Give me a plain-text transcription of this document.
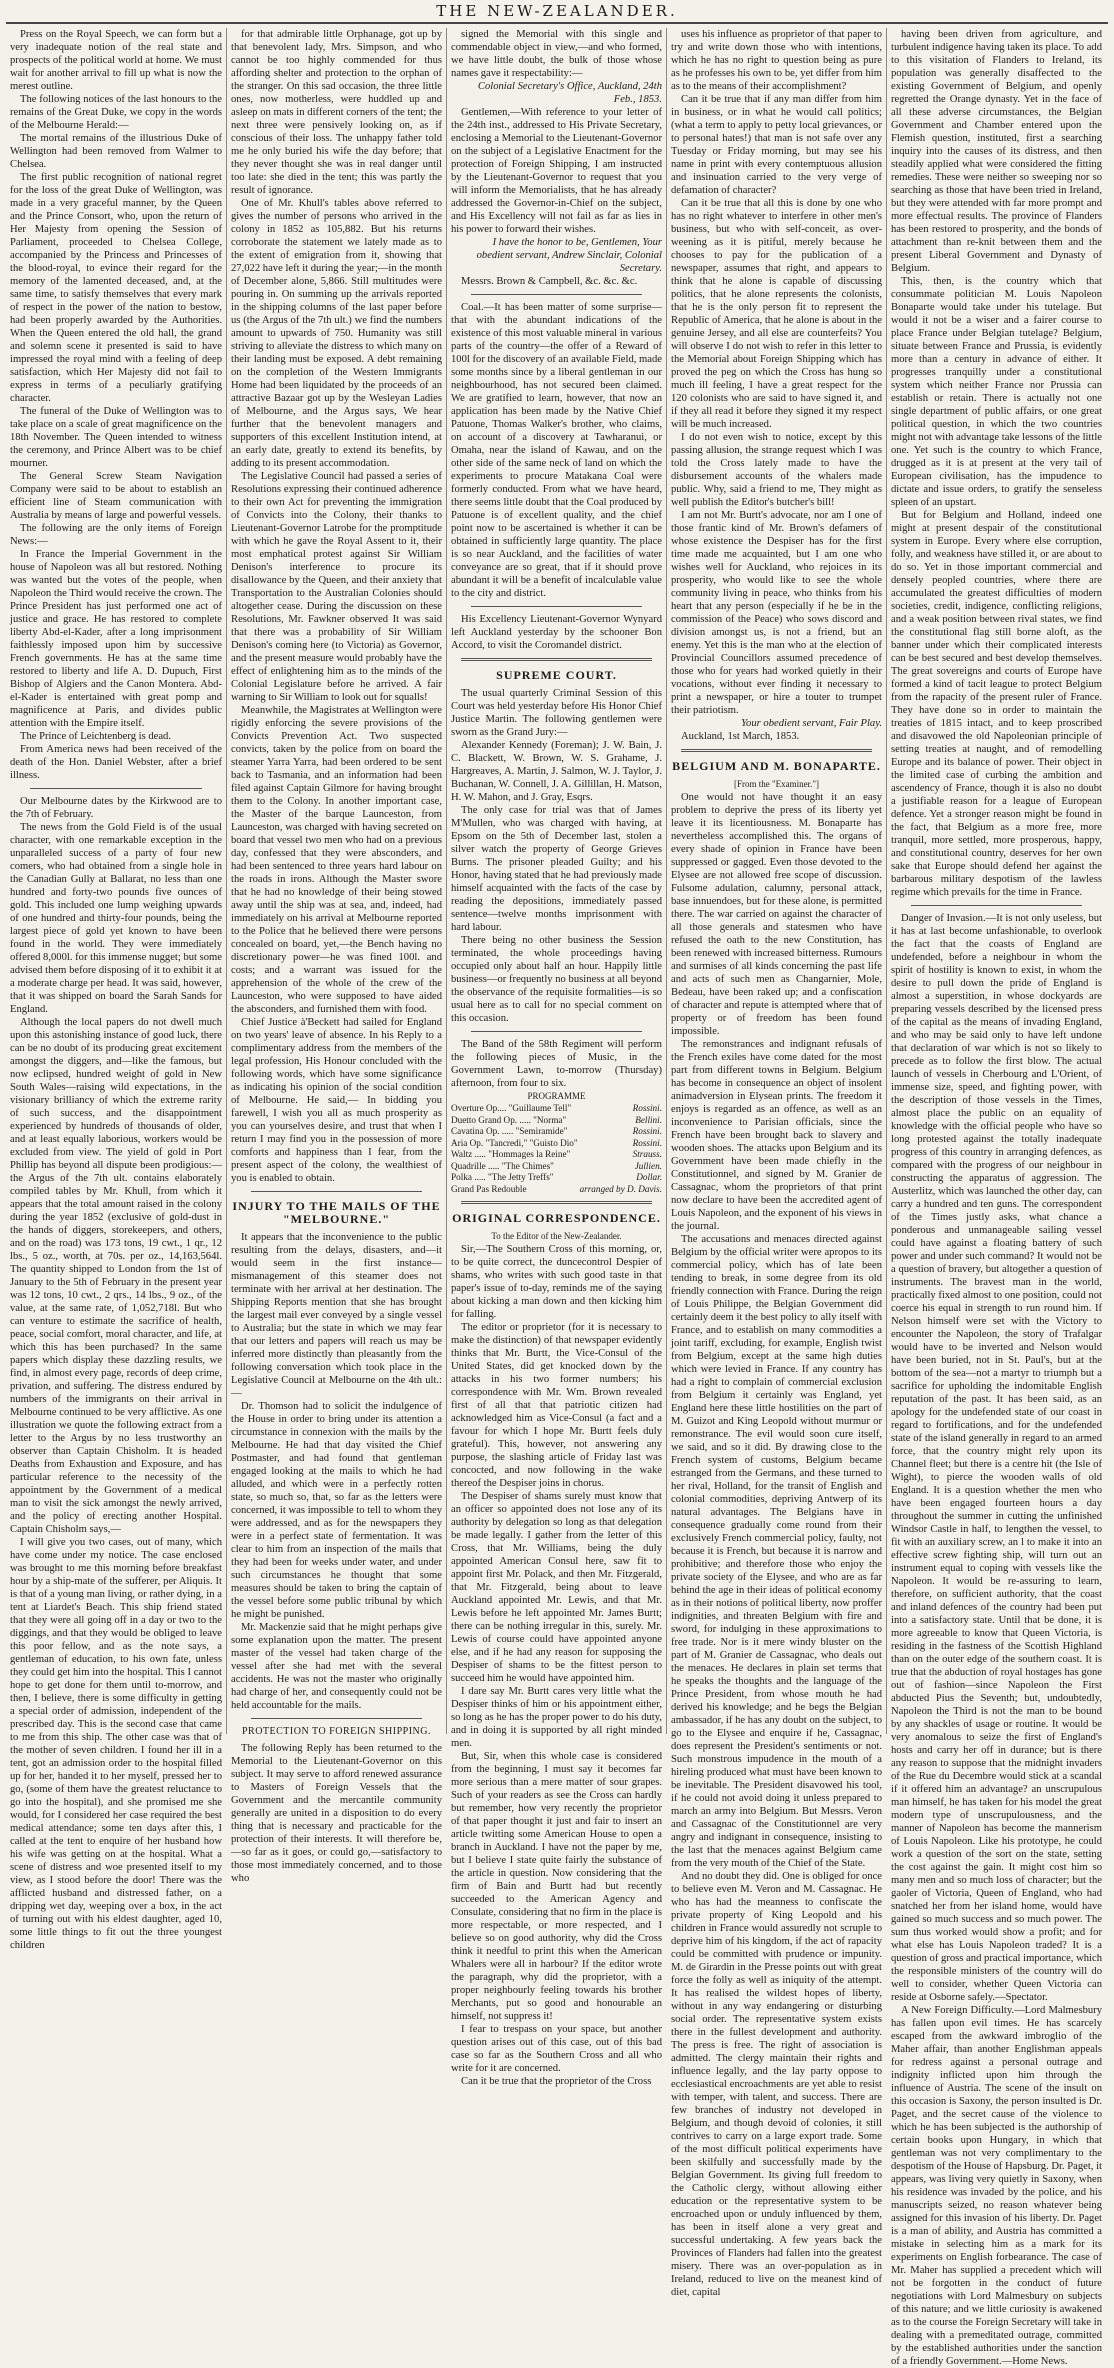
THE NEW-ZEALANDER.

Press on the Royal Speech, we can form but a very inadequate notion of the real state and prospects of the political world at home. We must wait for another arrival to fill up what is now the merest outline.

The following notices of the last honours to the remains of the Great Duke, we copy in the words of the Melbourne Herald:—

The mortal remains of the illustrious Duke of Wellington had been removed from Walmer to Chelsea.

The first public recognition of national regret for the loss of the great Duke of Wellington, was made in a very graceful manner, by the Queen and the Prince Consort, who, upon the return of Her Majesty from opening the Session of Parliament, proceeded to Chelsea College, accompanied by the Princess and Princesses of the blood-royal, to evince their regard for the memory of the lamented deceased, and, at the same time, to satisfy themselves that every mark of respect in the power of the nation to bestow, had been properly awarded by the Authorities. When the Queen entered the old hall, the grand and solemn scene it presented is said to have impressed the royal mind with a feeling of deep satisfaction, which Her Majesty did not fail to express in terms of a peculiarly gratifying character.

The funeral of the Duke of Wellington was to take place on a scale of great magnificence on the 18th November. The Queen intended to witness the ceremony, and Prince Albert was to be chief mourner.

The General Screw Steam Navigation Company were said to be about to establish an efficient line of Steam communication with Australia by means of large and powerful vessels.

The following are the only items of Foreign News:—

In France the Imperial Government in the house of Napoleon was all but restored. Nothing was wanted but the votes of the people, when Napoleon the Third would receive the crown. The Prince President has just performed one act of justice and grace. He has restored to complete liberty Abd-el-Kader, after a long imprisonment faithlessly imposed upon him by successive French governments. He has at the same time restored to liberty and life A. D. Dupuch, First Bishop of Algiers and the Canon Montera. Abd-el-Kader is entertained with great pomp and magnificence at Paris, and divides public attention with the Empire itself.

The Prince of Leichtenberg is dead.

From America news had been received of the death of the Hon. Daniel Webster, after a brief illness.

Our Melbourne dates by the Kirkwood are to the 7th of February.

The news from the Gold Field is of the usual character, with one remarkable exception in the unparalleled success of a party of four new comers, who had obtained from a single hole in the Canadian Gully at Ballarat, no less than one hundred and forty-two pounds five ounces of gold. This included one lump weighing upwards of one hundred and thirty-four pounds, being the largest piece of gold yet known to have been found in the world. They were immediately offered 8,000l. for this immense nugget; but some advised them before disposing of it to exhibit it at a moderate charge per head. It was said, however, that it was shipped on board the Sarah Sands for England.

Although the local papers do not dwell much upon this astonishing instance of good luck, there can be no doubt of its producing great excitement amongst the diggers, and—like the famous, but now eclipsed, hundred weight of gold in New South Wales—raising wild expectations, in the visionary brilliancy of which the extreme rarity of such success, and the disappointment experienced by hundreds of thousands of older, and at least equally laborious, workers would be excluded from view. The yield of gold in Port Phillip has beyond all dispute been prodigious:—the Argus of the 7th ult. contains elaborately compiled tables by Mr. Khull, from which it appears that the total amount raised in the colony during the year 1852 (exclusive of gold-dust in the hands of diggers, storekeepers, and others, and on the road) was 173 tons, 19 cwt., 1 qr., 12 lbs., 5 oz., worth, at 70s. per oz., 14,163,564l. The quantity shipped to London from the 1st of January to the 5th of February in the present year was 12 tons, 10 cwt., 2 qrs., 14 lbs., 9 oz., of the value, at the same rate, of 1,052,718l. But who can venture to estimate the sacrifice of health, peace, social comfort, moral character, and life, at which this has been purchased? In the same papers which display these dazzling results, we find, in almost every page, records of deep crime, privation, and suffering. The distress endured by numbers of the immigrants on their arrival in Melbourne continued to be very afflictive. As one illustration we quote the following extract from a letter to the Argus by no less trustworthy an observer than Captain Chisholm. It is headed Deaths from Exhaustion and Exposure, and has particular reference to the necessity of the appointment by the Government of a medical man to visit the sick amongst the newly arrived, and the policy of erecting another Hospital. Captain Chisholm says,—

I will give you two cases, out of many, which have come under my notice. The case enclosed was brought to me this morning before breakfast hour by a ship-mate of the sufferer, per Aliquis. It is that of a young man living, or rather dying, in a tent at Liardet's Beach. This ship friend stated that they were all going off in a day or two to the diggings, and that they would be obliged to leave this poor fellow, and as the note says, a gentleman of education, to his own fate, unless they could get him into the hospital. This I cannot hope to get done for them until to-morrow, and then, I believe, there is some difficulty in getting a special order of admission, independent of the prescribed day. This is the second case that came to me from this ship. The other case was that of the mother of seven children. I found her ill in a tent, got an admission order to the hospital filled up for her, handed it to her myself, pressed her to go, (some of them have the greatest reluctance to go into the hospital), and she promised me she would, for I considered her case required the best medical attendance; some ten days after this, I called at the tent to enquire of her husband how his wife was getting on at the hospital. What a scene of distress and woe presented itself to my view, as I stood before the door! There was the afflicted husband and distressed father, on a dripping wet day, weeping over a box, in the act of turning out with his eldest daughter, aged 10, some little things to fit out the three youngest children

for that admirable little Orphanage, got up by that benevolent lady, Mrs. Simpson, and who cannot be too highly commended for thus affording shelter and protection to the orphan of the stranger. On this sad occasion, the three little ones, now motherless, were huddled up and asleep on mats in different corners of the tent; the next three were pensively looking on, as if conscious of their loss. The unhappy father told me he only buried his wife the day before; that they never thought she was in real danger until too late: she died in the tent; this was partly the result of ignorance.

One of Mr. Khull's tables above referred to gives the number of persons who arrived in the colony in 1852 as 105,882. But his returns corroborate the statement we lately made as to the extent of emigration from it, showing that 27,022 have left it during the year;—in the month of December alone, 5,866. Still multitudes were pouring in. On summing up the arrivals reported in the shipping columns of the last paper before us (the Argus of the 7th ult.) we find the numbers amount to upwards of 750. Humanity was still striving to alleviate the distress to which many on their landing must be exposed. A debt remaining on the completion of the Western Immigrants Home had been liquidated by the proceeds of an attractive Bazaar got up by the Wesleyan Ladies of Melbourne, and the Argus says, We hear further that the benevolent managers and supporters of this excellent Institution intend, at an early date, greatly to extend its benefits, by adding to its present accommodation.

The Legislative Council had passed a series of Resolutions expressing their continued adherence to their own Act for preventing the immigration of Convicts into the Colony, their thanks to Lieutenant-Governor Latrobe for the promptitude with which he gave the Royal Assent to it, their most emphatical protest against Sir William Denison's interference to procure its disallowance by the Queen, and their anxiety that Transportation to the Australian Colonies should altogether cease. During the discussion on these Resolutions, Mr. Fawkner observed It was said that there was a probability of Sir William Denison's coming here (to Victoria) as Governor, and the present measure would probably have the effect of enlightening him as to the minds of the Colonial Legislature before he arrived. A fair warning to Sir William to look out for squalls!

Meanwhile, the Magistrates at Wellington were rigidly enforcing the severe provisions of the Convicts Prevention Act. Two suspected convicts, taken by the police from on board the steamer Yarra Yarra, had been ordered to be sent back to Tasmania, and an information had been filed against Captain Gilmore for having brought them to the Colony. In another important case, the Master of the barque Launceston, from Launceston, was charged with having secreted on board that vessel two men who had on a previous day, confessed that they were absconders, and had been sentenced to three years hard labour on the roads in irons. Although the Master swore that he had no knowledge of their being stowed away until the ship was at sea, and, indeed, had immediately on his arrival at Melbourne reported to the Police that he believed there were persons concealed on board, yet,—the Bench having no discretionary power—he was fined 100l. and costs; and a warrant was issued for the apprehension of the whole of the crew of the Launceston, who were supposed to have aided the absconders, and furnished them with food.

Chief Justice à'Beckett had sailed for England on two years' leave of absence. In his Reply to a complimentary address from the members of the legal profession, His Honour concluded with the following words, which have some significance as indicating his opinion of the social condition of Melbourne. He said,— In bidding you farewell, I wish you all as much prosperity as you can yourselves desire, and trust that when I return I may find you in the possession of more comforts and happiness than I fear, from the present aspect of the colony, the wealthiest of you is enabled to obtain.

INJURY TO THE MAILS OF THE "MELBOURNE."

It appears that the inconvenience to the public resulting from the delays, disasters, and—it would seem in the first instance—mismanagement of this steamer does not terminate with her arrival at her destination. The Shipping Reports mention that she has brought the largest mail ever conveyed by a single vessel to Australia; but the state in which we may fear that our letters and papers will reach us may be inferred more distinctly than pleasantly from the following conversation which took place in the Legislative Council at Melbourne on the 4th ult.:—

Dr. Thomson had to solicit the indulgence of the House in order to bring under its attention a circumstance in connexion with the mails by the Melbourne. He had that day visited the Chief Postmaster, and had found that gentleman engaged looking at the mails to which he had alluded, and which were in a perfectly rotten state, so much so, that, so far as the letters were concerned, it was impossible to tell to whom they were addressed, and as for the newspapers they were in a perfect state of fermentation. It was clear to him from an inspection of the mails that they had been for weeks under water, and under such circumstances he thought that some measures should be taken to bring the captain of the vessel before some public tribunal by which he might be punished.

Mr. Mackenzie said that he might perhaps give some explanation upon the matter. The present master of the vessel had taken charge of the vessel after she had met with the several accidents. He was not the master who originally had charge of her, and consequently could not be held accountable for the mails.

PROTECTION TO FOREIGN SHIPPING.

The following Reply has been returned to the Memorial to the Lieutenant-Governor on this subject. It may serve to afford renewed assurance to Masters of Foreign Vessels that the Government and the mercantile community generally are united in a disposition to do every thing that is necessary and practicable for the protection of their interests. It will therefore be,—so far as it goes, or could go,—satisfactory to those most immediately concerned, and to those who

signed the Memorial with this single and commendable object in view,—and who formed, we have little doubt, the bulk of those whose names gave it respectability:—

Colonial Secretary's Office, Auckland, 24th Feb., 1853.

Gentlemen,—With reference to your letter of the 24th inst., addressed to His Private Secretary, enclosing a Memorial to the Lieutenant-Governor on the subject of a Legislative Enactment for the protection of Foreign Shipping, I am instructed by the Lieutenant-Governor to request that you will inform the Memorialists, that he has already addressed the Governor-in-Chief on the subject, and His Excellency will not fail as far as lies in his power to forward their wishes.

I have the honor to be, Gentlemen, Your obedient servant, Andrew Sinclair, Colonial Secretary.

Messrs. Brown & Campbell, &c. &c. &c.

Coal.—It has been matter of some surprise—that with the abundant indications of the existence of this most valuable mineral in various parts of the country—the offer of a Reward of 100l for the discovery of an available Field, made some months since by a liberal gentleman in our neighbourhood, has not secured been claimed. We are gratified to learn, however, that now an application has been made by the Native Chief Patuone, Thomas Walker's brother, who claims, on account of a discovery at Tawharanui, or Omaha, near the island of Kawau, and on the other side of the same neck of land on which the experiments to procure Matakana Coal were formerly conducted. From what we have heard, there seems little doubt that the Coal produced by Patuone is of excellent quality, and the chief point now to be ascertained is whether it can be obtained in sufficiently large quantity. The place is so near Auckland, and the facilities of water conveyance are so great, that if it should prove abundant it will be a benefit of incalculable value to the city and district.

His Excellency Lieutenant-Governor Wynyard left Auckland yesterday by the schooner Bon Accord, to visit the Coromandel district.

SUPREME COURT.

The usual quarterly Criminal Session of this Court was held yesterday before His Honor Chief Justice Martin. The following gentlemen were sworn as the Grand Jury:—

Alexander Kennedy (Foreman); J. W. Bain, J. C. Blackett, W. Brown, W. S. Grahame, J. Hargreaves, A. Martin, J. Salmon, W. J. Taylor, J. Buchanan, W. Connell, J. A. Gillillan, H. Matson, H. W. Mahon, and J. Gray, Esqrs.

The only case for trial was that of James M'Mullen, who was charged with having, at Epsom on the 5th of December last, stolen a silver watch the property of George Grieves Burns. The prisoner pleaded Guilty; and his Honor, having stated that he had previously made himself acquainted with the facts of the case by reading the depositions, immediately passed sentence—twelve months imprisonment with hard labour.

There being no other business the Session terminated, the whole proceedings having occupied only about half an hour. Happily little business—or frequently no business at all beyond the observance of the requisite formalities—is so usual here as to call for no special comment on this occasion.

The Band of the 58th Regiment will perform the following pieces of Music, in the Government Lawn, to-morrow (Thursday) afternoon, from four to six.

PROGRAMME

Overture Op.... "Guillaume Tell"	Rossini.
Duetto Grand Op. ..... "Norma"	Bellini.
Cavatina Op. ..... "Semiramide"	Rossini.
Aria Op. "Tancredi," "Guisto Dio"	Rossini.
Waltz ..... "Hommages la Reine"	Strauss.
Quadrille ..... "The Chimes"	Jullien.
Polka ..... "The Jetty Treffs"	Dollar.
Grand Pas Redouble	arranged by D. Davis.
ORIGINAL CORRESPONDENCE.

To the Editor of the New-Zealander.

Sir,—The Southern Cross of this morning, or, to be quite correct, the duncecontrol Despier of shams, who writes with such good taste in that paper's issue of to-day, reminds me of the saying about kicking a man down and then kicking him for falling.

The editor or proprietor (for it is necessary to make the distinction) of that newspaper evidently thinks that Mr. Burtt, the Vice-Consul of the United States, did get knocked down by the attacks in his two former numbers; his correspondence with Mr. Wm. Brown revealed first of all that that patriotic citizen had acknowledged him as Vice-Consul (a fact and a favour for which I hope Mr. Burtt feels duly grateful). This, however, not answering any purpose, the slashing article of Friday last was concocted, and now following in the wake thereof the Despiser joins in chorus.

The Despiser of shams surely must know that an officer so appointed does not lose any of its authority by delegation so long as that delegation be made legally. I gather from the letter of this Cross, that Mr. Williams, being the duly appointed American Consul here, saw fit to appoint first Mr. Polack, and then Mr. Fitzgerald, that Mr. Fitzgerald, being about to leave Auckland appointed Mr. Lewis, and that Mr. Lewis before he left appointed Mr. James Burtt; there can be nothing irregular in this, surely. Mr. Lewis of course could have appointed anyone else, and if he had any reason for supposing the Despiser of shams to be the fittest person to succeed him he would have appointed him.

I dare say Mr. Burtt cares very little what the Despiser thinks of him or his appointment either, so long as he has the proper power to do his duty, and in doing it is supported by all right minded men.

But, Sir, when this whole case is considered from the beginning, I must say it becomes far more serious than a mere matter of sour grapes. Such of your readers as see the Cross can hardly but remember, how very recently the proprietor of that paper thought it just and fair to insert an article twitting some American House to open a branch in Auckland. I have not the paper by me, but I believe I state quite fairly the substance of the article in question. Now considering that the firm of Bain and Burtt had but recently succeeded to the American Agency and Consulate, considering that no firm in the place is more respectable, or more respected, and I believe so on good authority, why did the Cross think it needful to print this when the American Whalers were all in harbour? If the editor wrote the paragraph, why did the proprietor, with a proper neighbourly feeling towards his brother Merchants, put so good and honourable an himself, not suppress it!

I fear to trespass on your space, but another question arises out of this case, out of this bad case so far as the Southern Cross and all who write for it are concerned.

Can it be true that the proprietor of the Cross

uses his influence as proprietor of that paper to try and write down those who with intentions, which he has no right to question being as pure as he professes his own to be, yet differ from him as to the means of their accomplishment?

Can it be true that if any man differ from him in business, or in what he would call politics; (what a term to apply to petty local grievances, or to personal hates!) that man is not safe over any Tuesday or Friday morning, but may see his name in print with every contemptuous allusion and insinuation carried to the very verge of defamation of character?

Can it be true that all this is done by one who has no right whatever to interfere in other men's business, but who with self-conceit, as over-weening as it is pitiful, merely because he chooses to pay for the publication of a newspaper, assumes that right, and appears to think that he alone is capable of discussing politics, that he alone represents the colonists, that he is the only person fit to represent the Republic of America, that he alone is about in the genuine Jersey, and all else are counterfeits? You will observe I do not wish to refer in this letter to the Memorial about Foreign Shipping which has proved the peg on which the Cross has hung so much ill feeling, I have a great respect for the 120 colonists who are said to have signed it, and if they all read it before they signed it my respect will be much increased.

I do not even wish to notice, except by this passing allusion, the strange request which I was told the Cross lately made to have the disbursement accounts of the whalers made public. Why, said a friend to me, They might as well publish the Editor's butcher's bill!

I am not Mr. Burtt's advocate, nor am I one of those frantic kind of Mr. Brown's defamers of whose existence the Despiser has for the first time made me acquainted, but I am one who wishes well for Auckland, who rejoices in its prosperity, who would like to see the whole community living in peace, who thinks from his heart that any person (especially if he be in the commission of the Peace) who sows discord and division amongst us, is not a friend, but an enemy. Yet this is the man who at the election of Provincial Councillors assumed precedence of those who for years had worked quietly in their vocations, without ever finding it necessary to print a newspaper, or hire a touter to trumpet their patriotism.

Your obedient servant, Fair Play.

Auckland, 1st March, 1853.

BELGIUM AND M. BONAPARTE.

[From the "Examiner."]

One would not have thought it an easy problem to deprive the press of its liberty yet leave it its licentiousness. M. Bonaparte has nevertheless accomplished this. The organs of every shade of opinion in France have been suppressed or gagged. Even those devoted to the Elysee are not allowed free scope of discussion. Fulsome adulation, calumny, personal attack, base innuendoes, but for these alone, is permitted there. The war carried on against the character of all those generals and statesmen who have refused the oath to the new Constitution, has been renewed with increased bitterness. Rumours and surmises of all kinds concerning the past life and acts of such men as Changarnier, Mole, Bedeau, have been raked up; and a confiscation of character and repute is attempted where that of property or of freedom has been found impossible.

The remonstrances and indignant refusals of the French exiles have come dated for the most part from different towns in Belgium. Belgium has become in consequence an object of insolent animadversion in Elysean prints. The freedom it enjoys is regarded as an offence, as well as an inconvenience to Parisian officials, since the French have been brought back to slavery and wooden shoes. The attacks upon Belgium and its Government have been made chiefly in the Constitutionnel, and signed by M. Granier de Cassagnac, whom the proprietors of that print now declare to have been the accredited agent of Louis Napoleon, and the exponent of his views in the journal.

The accusations and menaces directed against Belgium by the official writer were apropos to its commercial policy, which has of late been tending to break, in some degree from its old friendly connection with France. During the reign of Louis Philippe, the Belgian Government did certainly deem it the best policy to ally itself with France, and to establish on many commodities a joint tariff, excluding, for example, English twist from Belgium, except at the same high duties which were levied in France. If any country has had a right to complain of commercial exclusion from Belgium it certainly was England, yet England here these little hostilities on the part of M. Guizot and King Leopold without murmur or remonstrance. The evil would soon cure itself, we said, and so it did. By drawing close to the French system of customs, Belgium became estranged from the Germans, and these turned to her rival, Holland, for the transit of English and colonial commodities, depriving Antwerp of its natural advantages. The Belgians have in consequence gradually come round from their exclusively French commercial policy, faulty, not because it is French, but because it is narrow and prohibitive; and therefore those who enjoy the private society of the Elysee, and who are as far behind the age in their ideas of political economy as in their notions of political liberty, now proffer indignities, and threaten Belgium with fire and sword, for indulging in these approximations to free trade. Nor is it mere windy bluster on the part of M. Granier de Cassagnac, who deals out the menaces. He declares in plain set terms that he speaks the thoughts and the language of the Prince President, from whose mouth he had derived his knowledge; and he begs the Belgian ambassador, if he has any doubt on the subject, to go to the Elysee and enquire if he, Cassagnac, does represent the President's sentiments or not. Such monstrous impudence in the mouth of a hireling produced what must have been known to be inevitable. The President disavowed his tool, if he could not avoid doing it unless prepared to march an army into Belgium. But Messrs. Veron and Cassagnac of the Constitutionnel are very angry and indignant in consequence, insisting to the last that the menaces against Belgium came from the very mouth of the Chief of the State.

And no doubt they did. One is obliged for once to believe even M. Veron and M. Cassagnac. He who has had the meanness to confiscate the private property of King Leopold and his children in France would assuredly not scruple to deprive him of his kingdom, if the act of rapacity could be committed with prudence or impunity. M. de Girardin in the Presse points out with great force the folly as well as iniquity of the attempt. It has realised the wildest hopes of liberty, without in any way endangering or disturbing social order. The representative system exists there in the fullest development and authority. The press is free. The right of association is admitted. The clergy maintain their rights and influence legally, and the lay party oppose to ecclesiastical encroachments are yet able to resist with temper, with talent, and success. There are few branches of industry not developed in Belgium, and though devoid of colonies, it still contrives to carry on a large export trade. Some of the most difficult political experiments have been skilfully and successfully made by the Belgian Government. Its giving full freedom to the Catholic clergy, without allowing either education or the representative system to be encroached upon or unduly influenced by them, has been in itself alone a very great and successful undertaking. A few years back the Provinces of Flanders had fallen into the greatest misery. There was an over-population as in Ireland, reduced to live on the meanest kind of diet, capital

having been driven from agriculture, and turbulent indigence having taken its place. To add to this visitation of Flanders to Ireland, its population was generally disaffected to the existing Government of Belgium, and openly regretted the Orange dynasty. Yet in the face of all these adverse circumstances, the Belgian Government and Chamber entered upon the Flemish question, instituted, first a searching inquiry into the causes of its distress, and then steadily applied what were considered the fitting remedies. These were neither so sweeping nor so searching as those that have been tried in Ireland, but they were attended with far more prompt and more effectual results. The province of Flanders has been restored to prosperity, and the bonds of attachment than re-knit between them and the present Liberal Government and Dynasty of Belgium.

This, then, is the country which that consummate politician M. Louis Napoleon Bonaparte would take under his tutelage. But would it not be a wiser and a fairer course to place France under Belgian tutelage? Belgium, situate between France and Prussia, is evidently more than a century in advance of either. It progresses tranquilly under a constitutional system which neither France nor Prussia can establish or retain. There is actually not one single department of public affairs, or one great political question, in which the two countries might not with advantage take lessons of the little one. Yet such is the country to which France, drugged as it is at present at the very tail of European civilisation, has the impudence to dictate and issue orders, to gratify the senseless spleen of an upstart.

But for Belgium and Holland, indeed one might at present despair of the constitutional system in Europe. Every where else corruption, folly, and weakness have stilled it, or are about to do so. Yet in those important commercial and densely peopled countries, where there are accumulated the greatest difficulties of modern societies, credit, indigence, conflicting religions, and a weak position between rival states, we find the constitutional flag still borne aloft, as the banner under which their complicated interests can be best secured and best develop themselves. The great sovereigns and courts of Europe have formed a kind of tacit league to protect Belgium from the rapacity of the present ruler of France. They have done so in order to maintain the treaties of 1815 intact, and to keep proscribed and disavowed the old Napoleonian principle of setting treaties at naught, and of remodelling Europe and its balance of power. Their object in the limited case of curbing the ambition and ascendency of France, though it is also no doubt a justifiable reason for a league of European defence. Yet a stronger reason might be found in the fact, that Belgium as a more free, more tranquil, more settled, more prosperous, happy, and constitutional country, deserves for her own sake that Europe should defend her against the barbarous military despotism of the lawless regime which prevails for the time in France.

Danger of Invasion.—It is not only useless, but it has at last become unfashionable, to overlook the fact that the coasts of England are undefended, before a neighbour in whom the spirit of hostility is known to exist, in whom the desire to pull down the pride of England is almost a superstition, in whose dockyards are preparing vessels described by the licensed press of the capital as the means of invading England, and who may be said only to have left undone that declaration of war which is not so likely to precede as to follow the first blow. The actual launch of vessels in Cherbourg and L'Orient, of immense size, speed, and fighting power, with the description of those vessels in the Times, almost place the public on an equality of knowledge with the official people who have so long protested against the totally inadequate progress of this country in arranging defences, as compared with the progress of our neighbour in constructing the apparatus of aggression. The Austerlitz, which was launched the other day, can carry a hundred and ten guns. The correspondent of the Times justly asks, what chance a ponderous and unmanageable sailing vessel could have against a floating battery of such power and under such command? It would not be a question of bravery, but altogether a question of instruments. The bravest man in the world, practically fixed almost to one position, could not coerce his equal in strength to run round him. If Nelson himself were set with the Victory to encounter the Napoleon, the story of Trafalgar would have to be inverted and Nelson would have been buried, not in St. Paul's, but at the bottom of the sea—not a martyr to triumph but a sacrifice for upholding the indomitable English reputation of the past. It has been said, as an apology for the undefended state of our coast in regard to fortifications, and for the undefended state of the island generally in regard to an armed force, that the country might rely upon its Channel fleet; but there is a centre hit (the Isle of Wight), to pierce the wooden walls of old England. It is a question whether the men who have been engaged fourteen hours a day throughout the summer in cutting the unfinished Windsor Castle in half, to lengthen the vessel, to fit with an auxiliary screw, an l to make it into an effective screw fighting ship, will turn out an instrument equal to coping with vessels like the Napoleon. It would be re-assuring to learn, therefore, on sufficient authority, that the coast and inland defences of the country had been put into a satisfactory state. Until that be done, it is more agreeable to know that Queen Victoria, is residing in the fastness of the Scottish Highland than on the outer edge of the southern coast. It is true that the abduction of royal hostages has gone out of fashion—since Napoleon the First abducted Pius the Seventh; but, undoubtedly, Napoleon the Third is not the man to be bound by any shackles of usage or routine. It would be very anomalous to seize the first of England's hosts and carry her off in durance; but is there any reason to suppose that the midnight invaders of the Rue du Decembre would stick at a scandal if it offered him an advantage? an unscrupulous man himself, he has taken for his model the great modern type of unscrupulousness, and the manner of Napoleon has become the mannerism of Louis Napoleon. Like his prototype, he could work a question of the sort on the state, setting the cost against the gain. It might cost him so many men and so much loss of character; but the gaoler of Victoria, Queen of England, who had snatched her from her island home, would have gained so much success and so much power. The sum thus worked would show a profit; and for what else has Louis Napoleon traded? It is a question of gross and practical importance, which the responsible ministers of the country will do well to consider, whether Queen Victoria can reside at Osborne safely.—Spectator.

A New Foreign Difficulty.—Lord Malmesbury has fallen upon evil times. He has scarcely escaped from the awkward imbroglio of the Maher affair, than another Englishman appeals for redress against a personal outrage and indignity inflicted upon him through the influence of Austria. The scene of the insult on this occasion is Saxony, the person insulted is Dr. Paget, and the secret cause of the violence to which he has been subjected is the authorship of certain books upon Hungary, in which that gentleman was not very complimentary to the despotism of the House of Hapsburg. Dr. Paget, it appears, was living very quietly in Saxony, when his residence was invaded by the police, and his manuscripts seized, no reason whatever being assigned for this invasion of his liberty. Dr. Paget is a man of ability, and Austria has committed a mistake in selecting him as a mark for its experiments on English forbearance. The case of Mr. Maher has supplied a precedent which will not be forgotten in the conduct of future negotiations with Lord Malmesbury on subjects of this nature; and we little curiosity is awakened as to the course the Foreign Secretary will take in dealing with a premeditated outrage, committed by the established authorities under the sanction of a friendly Government.—Home News.
